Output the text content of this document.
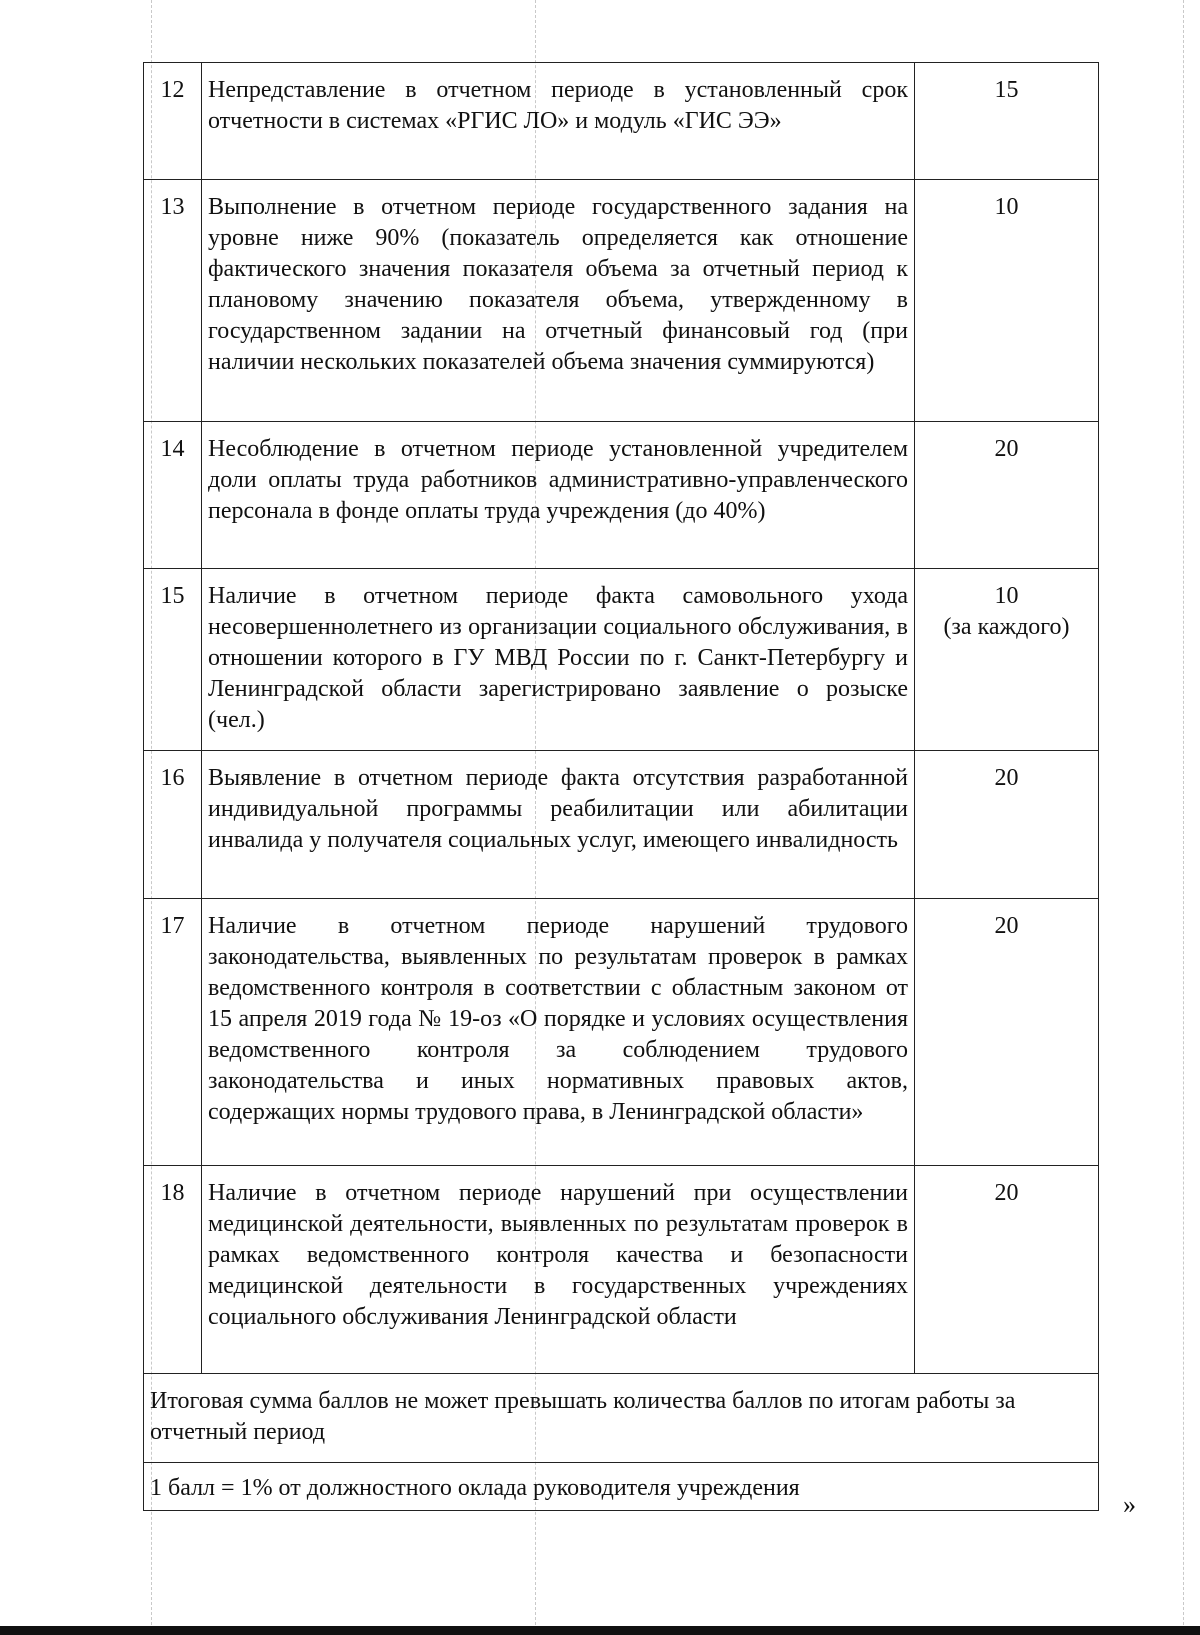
12	Непредставление в отчетном периоде в установленный срок отчетности в системах «РГИС ЛО» и модуль «ГИС ЭЭ»	15

13	Выполнение в отчетном периоде государственного задания на уровне ниже 90% (показатель определяется как отношение фактического значения показателя объема за отчетный период к плановому значению показателя объема, утвержденному в государственном задании на отчетный финансовый год (при наличии нескольких показателей объема значения суммируются)	10

14	Несоблюдение в отчетном периоде установленной учредителем доли оплаты труда работников административно-управленческого персонала в фонде оплаты труда учреждения (до 40%)	20

15	Наличие в отчетном периоде факта самовольного ухода несовершеннолетнего из организации социального обслуживания, в отношении которого в ГУ МВД России по г. Санкт-Петербургу и Ленинградской области зарегистрировано заявление о розыске (чел.)	10
(за каждого)

16	Выявление в отчетном периоде факта отсутствия разработанной индивидуальной программы реабилитации или абилитации инвалида у получателя социальных услуг, имеющего инвалидность	20

17	Наличие в отчетном периоде нарушений трудового законодательства, выявленных по результатам проверок в рамках ведомственного контроля в соответствии с областным законом от 15 апреля 2019 года № 19-оз «О порядке и условиях осуществления ведомственного контроля за соблюдением трудового законодательства и иных нормативных правовых актов, содержащих нормы трудового права, в Ленинградской области»	20

18	Наличие в отчетном периоде нарушений при осуществлении медицинской деятельности, выявленных по результатам проверок в рамках ведомственного контроля качества и безопасности медицинской деятельности в государственных учреждениях социального обслуживания Ленинградской области	20

Итоговая сумма баллов не может превышать количества баллов по итогам работы за отчетный период		
1 балл = 1% от должностного оклада руководителя учреждения		
»
